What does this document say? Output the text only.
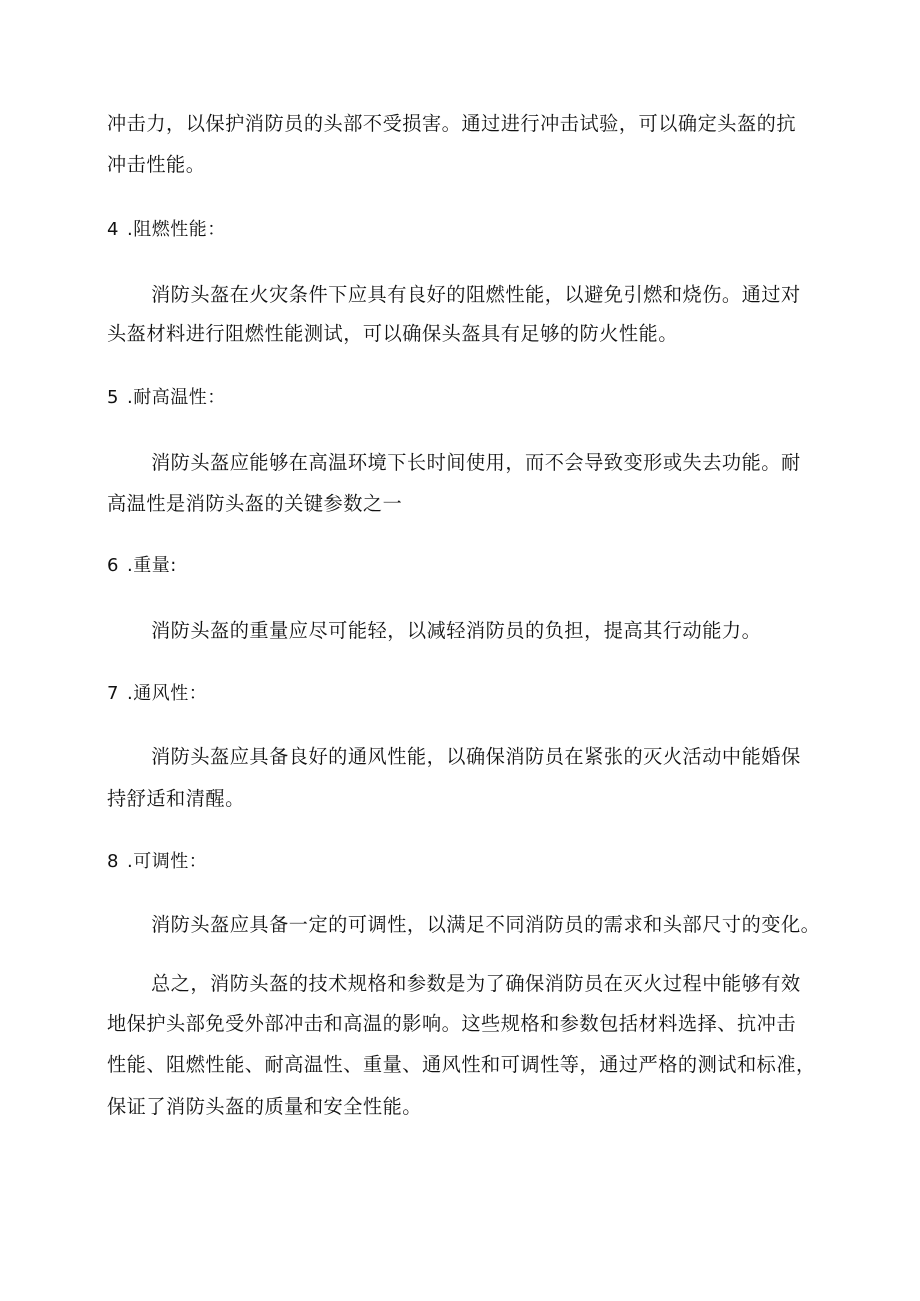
冲击力，以保护消防员的头部不受损害。通过进行冲击试验，可以确定头盔的抗
冲击性能。
4 .阻燃性能：
消防头盔在火灾条件下应具有良好的阻燃性能，以避免引燃和烧伤。通过对
头盔材料进行阻燃性能测试，可以确保头盔具有足够的防火性能。
5 .耐高温性：
消防头盔应能够在高温环境下长时间使用，而不会导致变形或失去功能。耐
高温性是消防头盔的关键参数之一
6 .重量:
消防头盔的重量应尽可能轻，以减轻消防员的负担，提高其行动能力。
7 .通风性：
消防头盔应具备良好的通风性能，以确保消防员在紧张的灭火活动中能婚保
持舒适和清醒。
8 .可调性：
消防头盔应具备一定的可调性，以满足不同消防员的需求和头部尺寸的变化。
总之，消防头盔的技术规格和参数是为了确保消防员在灭火过程中能够有效
地保护头部免受外部冲击和高温的影响。这些规格和参数包括材料选择、抗冲击
性能、阻燃性能、耐高温性、重量、通风性和可调性等，通过严格的测试和标准，
保证了消防头盔的质量和安全性能。
